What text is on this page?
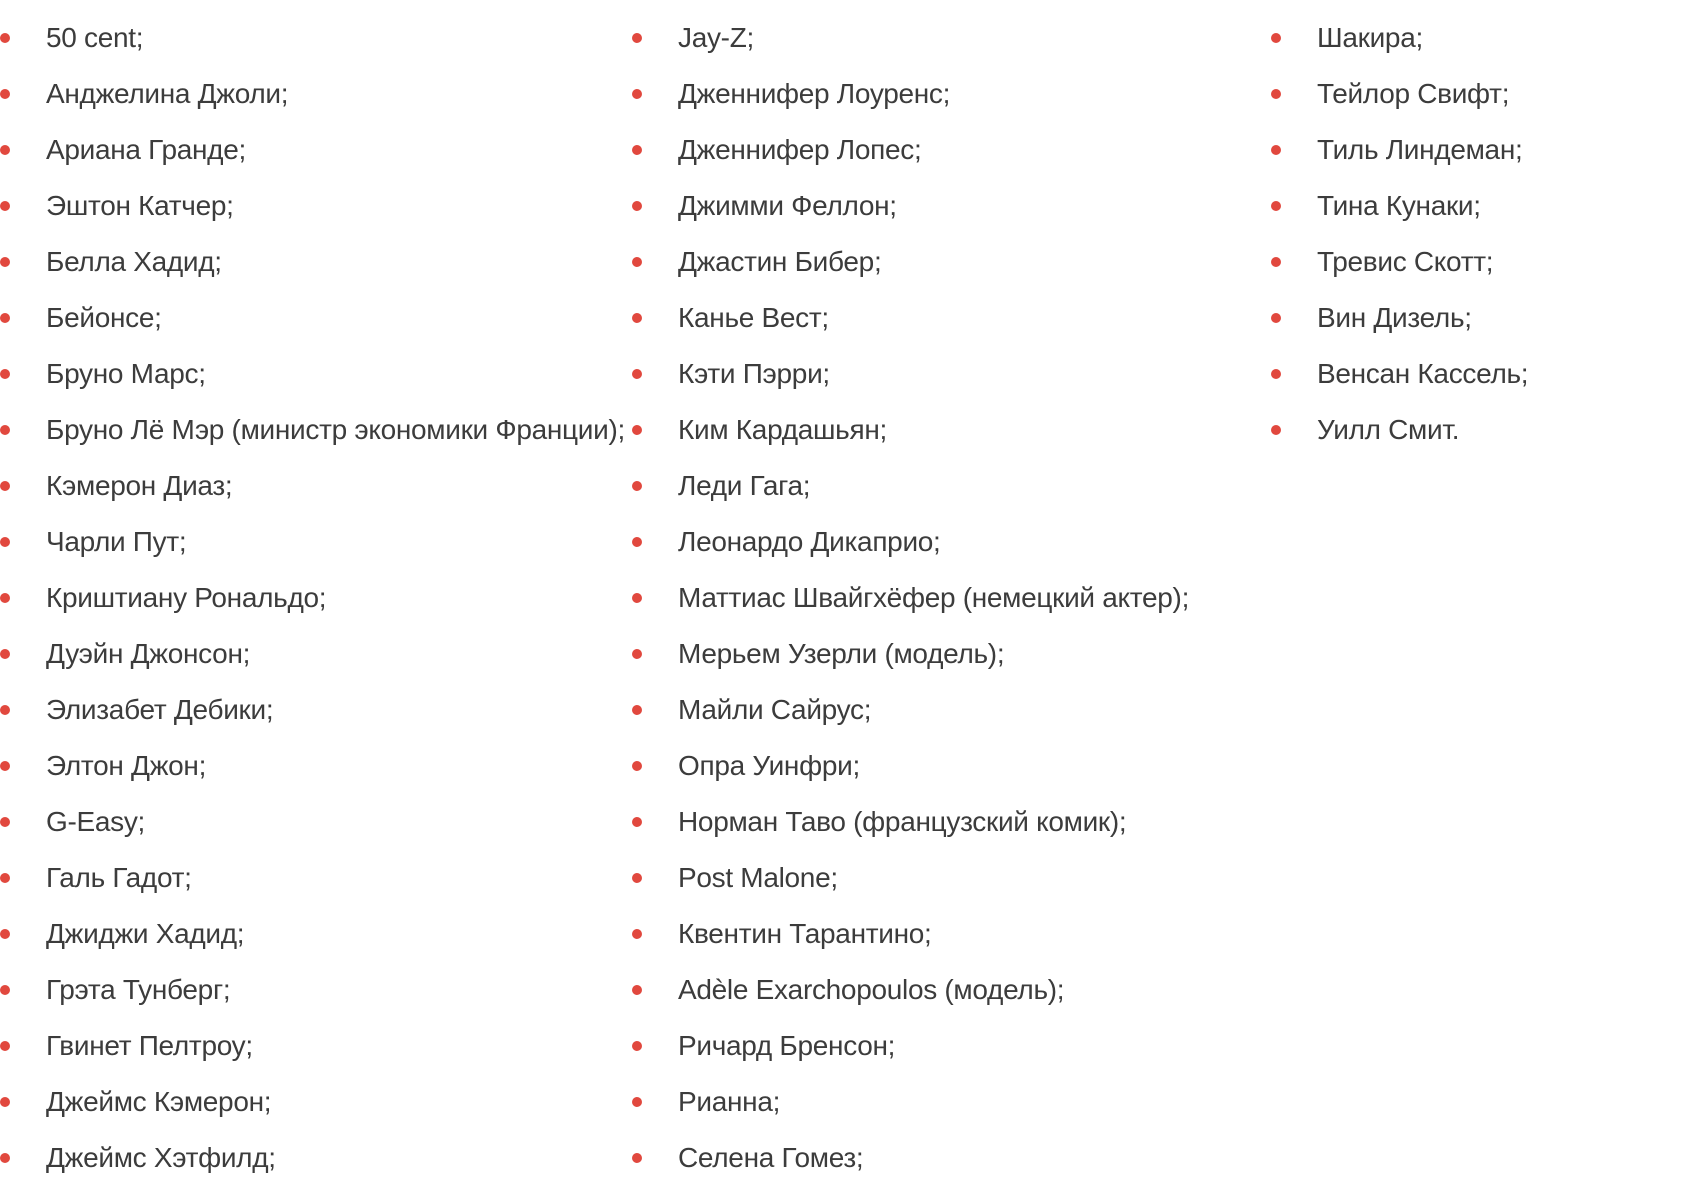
50 cent;
Анджелина Джоли;
Ариана Гранде;
Эштон Катчер;
Белла Хадид;
Бейонсе;
Бруно Марс;
Бруно Лё Мэр (министр экономики Франции);
Кэмерон Диаз;
Чарли Пут;
Криштиану Рональдо;
Дуэйн Джонсон;
Элизабет Дебики;
Элтон Джон;
G-Easy;
Галь Гадот;
Джиджи Хадид;
Грэта Тунберг;
Гвинет Пелтроу;
Джеймс Кэмерон;
Джеймс Хэтфилд;
Jay-Z;
Дженнифер Лоуренс;
Дженнифер Лопес;
Джимми Феллон;
Джастин Бибер;
Канье Вест;
Кэти Пэрри;
Ким Кардашьян;
Леди Гага;
Леонардо Дикаприо;
Маттиас Швайгхёфер (немецкий актер);
Мерьем Узерли (модель);
Майли Сайрус;
Опра Уинфри;
Норман Таво (французский комик);
Post Malone;
Квентин Тарантино;
Adèle Exarchopoulos (модель);
Ричард Бренсон;
Рианна;
Селена Гомез;
Шакира;
Тейлор Свифт;
Тиль Линдеман;
Тина Кунаки;
Тревис Скотт;
Вин Дизель;
Венсан Кассель;
Уилл Смит.
